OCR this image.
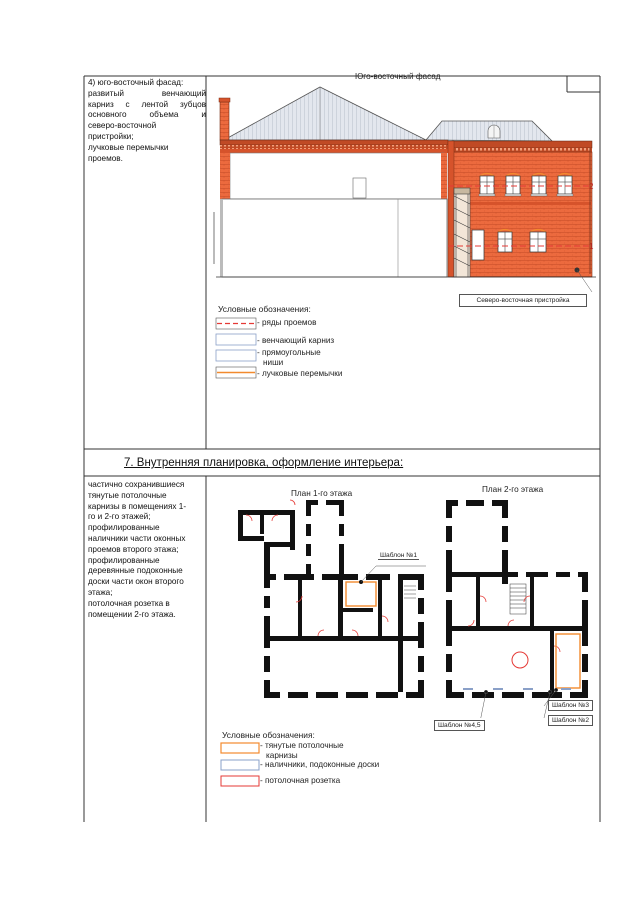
4) юго-восточный фасад:
развитый	венчающий
карниз с лентой зубцов
основного	объема	и
северо-восточной
пристройки;
лучковые перемычки
проемов.
Юго-восточный фасад
2
1
Северо-восточная пристройка
Условные обозначения:
- ряды проемов
- венчающий карниз
- прямоугольные
ниши
- лучковые перемычки
7. Внутренняя планировка, оформление интерьера:
частично сохранившиеся
тянутые потолочные
карнизы в помещениях 1-
го и 2-го этажей;
профилированные
наличники части оконных
проемов второго этажа;
профилированные
деревянные подоконные
доски части окон второго
этажа;
потолочная розетка в
помещении 2-го этажа.
План 1-го этажа	План 2-го этажа
Шаблон №1
Шаблон №3
Шаблон №2
Шаблон №4,5
Условные обозначения:
- тянутые потолочные
карнизы
- наличники, подоконные доски
- потолочная розетка
